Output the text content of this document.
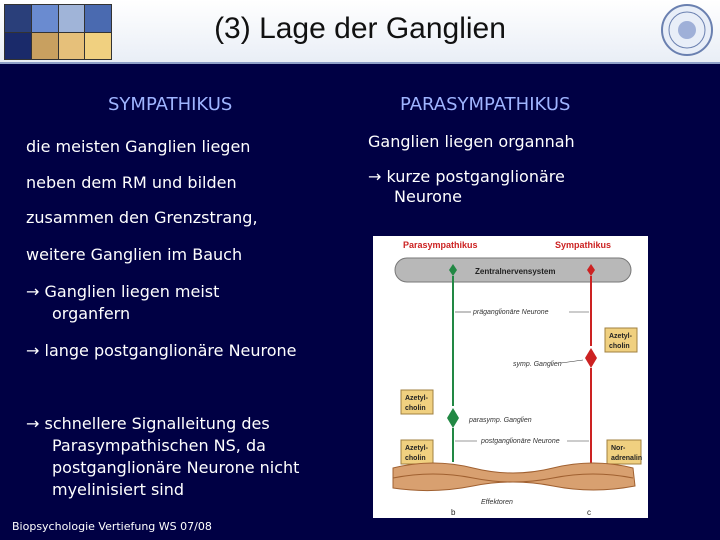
(3) Lage der Ganglien
SYMPATHIKUS	PARASYMPATHIKUS
die meisten Ganglien liegen
neben dem RM und bilden
zusammen den Grenzstrang,
weitere Ganglien im Bauch
→ Ganglien liegen meist
organfern
→ lange postganglionäre Neurone
→ schnellere Signalleitung des
Parasympathischen NS, da
postganglionäre Neurone nicht
myelinisiert sind
Ganglien liegen organnah
→ kurze postganglionäre
Neurone
Parasympathikus	Sympathikus
Zentralnervensystem
präganglionäre Neurone
Azetyl-
cholin
symp. Ganglien
Azetyl-
cholin
parasymp. Ganglien
postganglionäre Neurone
Azetyl-
cholin
Nor-
adrenalin
Effektoren
b	c
Biopsychologie Vertiefung WS 07/08
